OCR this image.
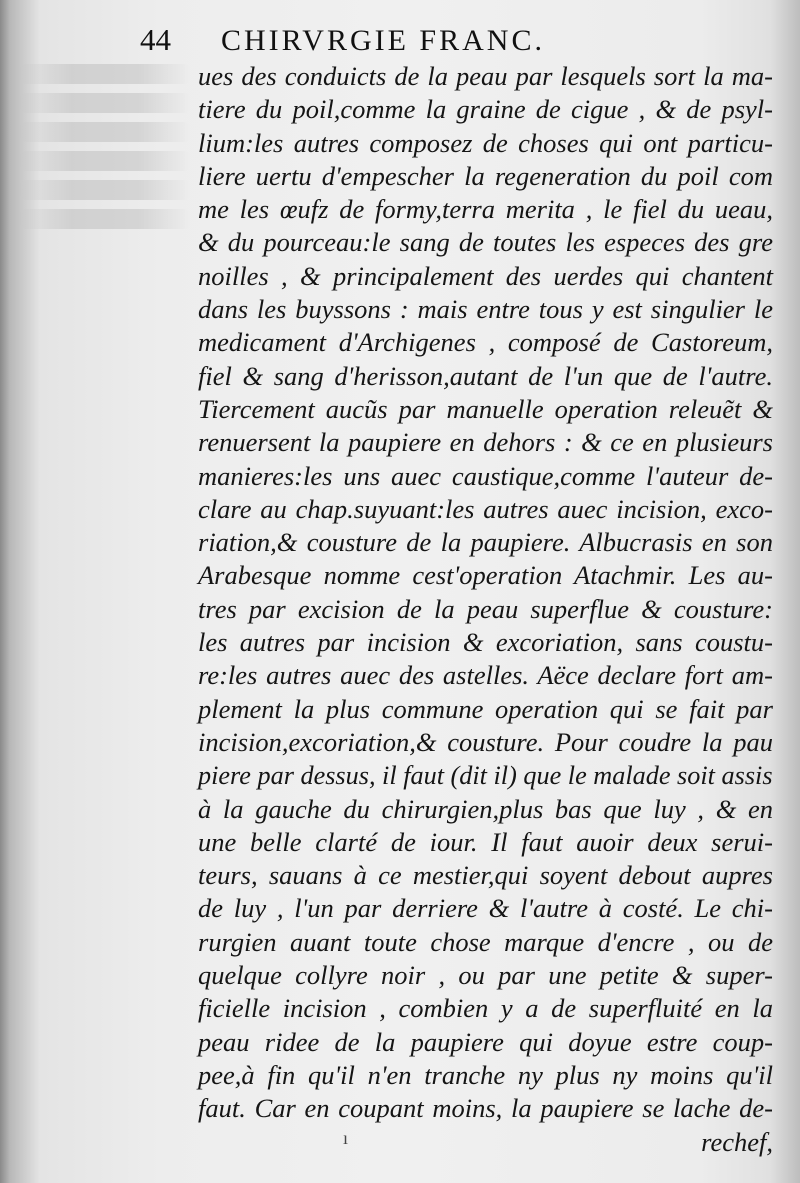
44 CHIRVRGIE FRANC.
ues des conduicts de la peau par lesquels sort la ma-
tiere du poil,comme la graine de cigue , & de psyl-
lium:les autres composez de choses qui ont particu-
liere uertu d'empescher la regeneration du poil com
me les œufz de formy,terra merita , le fiel du ueau,
& du pourceau:le sang de toutes les especes des gre
noilles , & principalement des uerdes qui chantent
dans les buyssons : mais entre tous y est singulier le
medicament d'Archigenes , composé de Castoreum,
fiel & sang d'herisson,autant de l'un que de l'autre.
Tiercement aucũs par manuelle operation releuẽt &
renuersent la paupiere en dehors : & ce en plusieurs
manieres:les uns auec caustique,comme l'auteur de-
clare au chap.suyuant:les autres auec incision, exco-
riation,& cousture de la paupiere. Albucrasis en son
Arabesque nomme cest'operation Atachmir. Les au-
tres par excision de la peau superflue & cousture:
les autres par incision & excoriation, sans coustu-
re:les autres auec des astelles. Aëce declare fort am-
plement la plus commune operation qui se fait par
incision,excoriation,& cousture. Pour coudre la pau
piere par dessus, il faut (dit il) que le malade soit assis
à la gauche du chirurgien,plus bas que luy , & en
une belle clarté de iour. Il faut auoir deux serui-
teurs, sauans à ce mestier,qui soyent debout aupres
de luy , l'un par derriere & l'autre à costé. Le chi-
rurgien auant toute chose marque d'encre , ou de
quelque collyre noir , ou par une petite & super-
ficielle incision , combien y a de superfluité en la
peau ridee de la paupiere qui doyue estre coup-
pee,à fin qu'il n'en tranche ny plus ny moins qu'il
faut. Car en coupant moins, la paupiere se lache de-
rechef,
ı
